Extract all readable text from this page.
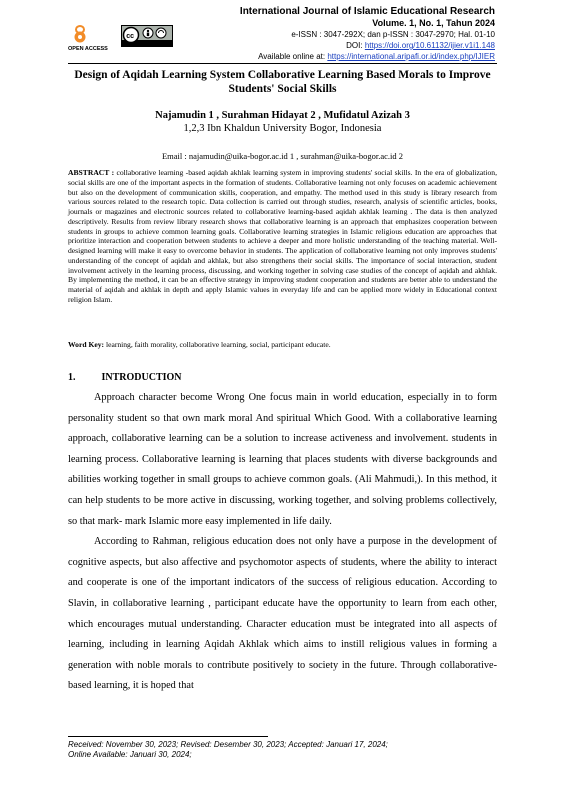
International Journal of Islamic Educational Research
Volume. 1, No. 1, Tahun 2024
e-ISSN : 3047-292X; dan p-ISSN : 3047-2970; Hal. 01-10
DOI: https://doi.org/10.61132/ijier.v1i1.148
Available online at: https://international.aripafi.or.id/index.php/IJIER
OPEN ACCESS
cc
Design of Aqidah Learning System Collaborative Learning Based Morals to Improve Students' Social Skills
Najamudin 1 , Surahman Hidayat 2 , Mufidatul Azizah 3
1,2,3 Ibn Khaldun University Bogor, Indonesia
Email : najamudin@uika-bogor.ac.id 1 , surahman@uika-bogor.ac.id 2
ABSTRACT : collaborative learning -based aqidah akhlak learning system in improving students' social skills. In the era of globalization, social skills are one of the important aspects in the formation of students. Collaborative learning not only focuses on academic achievement but also on the development of communication skills, cooperation, and empathy. The method used in this study is library research from various sources related to the research topic. Data collection is carried out through studies, research, analysis of scientific articles, books, journals or magazines and electronic sources related to collaborative learning-based aqidah akhlak learning . The data is then analyzed descriptively. Results from review library research shows that collaborative learning is an approach that emphasizes cooperation between students in groups to achieve common learning goals. Collaborative learning strategies in Islamic religious education are approaches that prioritize interaction and cooperation between students to achieve a deeper and more holistic understanding of the teaching material. Well-designed learning will make it easy to overcome behavior in students. The application of collaborative learning not only improves students' understanding of the concept of aqidah and akhlak, but also strengthens their social skills. The importance of social interaction, student involvement actively in the learning process, discussing, and working together in solving case studies of the concept of aqidah and akhlak. By implementing the method, it can be an effective strategy in improving student cooperation and students are better able to understand the material of aqidah and akhlak in depth and apply Islamic values in everyday life and can be applied more widely in Educational context religion Islam.
Word Key: learning, faith morality, collaborative learning, social, participant educate.
1.	INTRODUCTION

Approach character become Wrong One focus main in world education, especially in to form personality student so that own mark moral And spiritual Which Good. With a collaborative learning approach, collaborative learning can be a solution to increase activeness and involvement. students in learning process. Collaborative learning is learning that places students with diverse backgrounds and abilities working together in small groups to achieve common goals. (Ali Mahmudi,). In this method, it can help students to be more active in discussing, working together, and solving problems collectively, so that mark- mark Islamic more easy implemented in life daily.

According to Rahman, religious education does not only have a purpose in the development of cognitive aspects, but also affective and psychomotor aspects of students, where the ability to interact and cooperate is one of the important indicators of the success of religious education. According to Slavin, in collaborative learning , participant educate have the opportunity to learn from each other, which encourages mutual understanding. Character education must be integrated into all aspects of learning, including in learning Aqidah Akhlak which aims to instill religious values in forming a generation with noble morals to contribute positively to society in the future. Through collaborative-based learning, it is hoped that

Received: November 30, 2023; Revised: Desember 30, 2023; Accepted: Januari 17, 2024;
Online Available: Januari 30, 2024;
